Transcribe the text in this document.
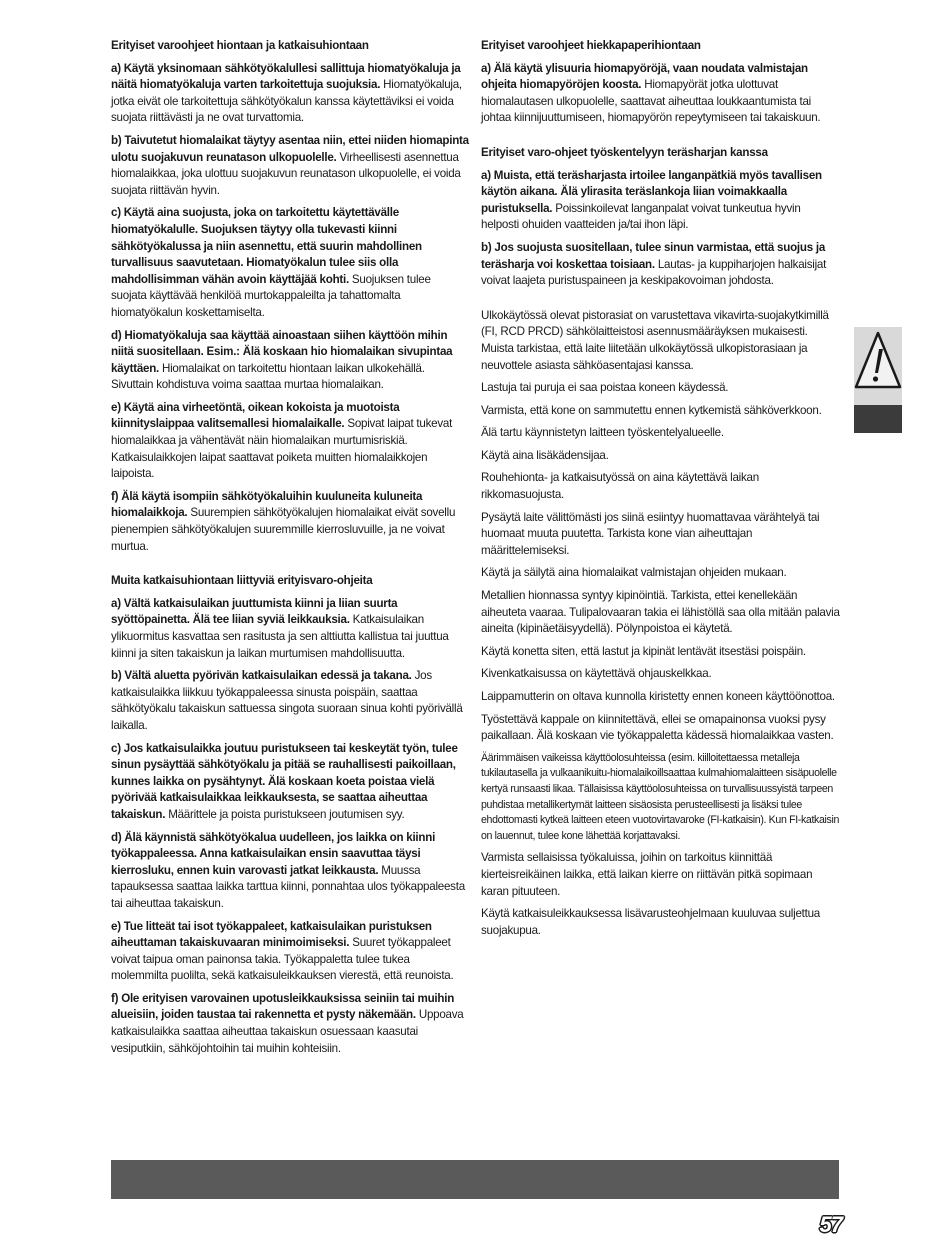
Erityiset varoohjeet hiontaan ja katkaisuhiontaan
a) Käytä yksinomaan sähkötyökalullesi sallittuja hiomatyökaluja ja näitä hiomatyökaluja varten tarkoitettuja suojuksia. Hiomatyökaluja, jotka eivät ole tarkoitettuja sähkötyökalun kanssa käytettäviksi ei voida suojata riittävästi ja ne ovat turvattomia.
b) Taivutetut hiomalaikat täytyy asentaa niin, ettei niiden hiomapinta ulotu suojakuvun reunatason ulkopuolelle. Virheellisesti asennettua hiomalaikkaa, joka ulottuu suojakuvun reunatason ulkopuolelle, ei voida suojata riittävän hyvin.
c) Käytä aina suojusta, joka on tarkoitettu käytettävälle hiomatyökalulle. Suojuksen täytyy olla tukevasti kiinni sähkötyökalussa ja niin asennettu, että suurin mahdollinen turvallisuus saavutetaan. Hiomatyökalun tulee siis olla mahdollisimman vähän avoin käyttäjää kohti. Suojuksen tulee suojata käyttävää henkilöä murtokappaleilta ja tahattomalta hiomatyökalun koskettamiselta.
d) Hiomatyökaluja saa käyttää ainoastaan siihen käyttöön mihin niitä suositellaan. Esim.: Älä koskaan hio hiomalaikan sivupintaa käyttäen. Hiomalaikat on tarkoitettu hiontaan laikan ulkokehällä. Sivuttain kohdistuva voima saattaa murtaa hiomalaikan.
e) Käytä aina virheetöntä, oikean kokoista ja muotoista kiinnityslaippaa valitsemallesi hiomalaikalle. Sopivat laipat tukevat hiomalaikkaa ja vähentävät näin hiomalaikan murtumisriskiä. Katkaisulaikkojen laipat saattavat poiketa muitten hiomalaikkojen laipoista.
f) Älä käytä isompiin sähkötyökaluihin kuuluneita kuluneita hiomalaikkoja. Suurempien sähkötyökalujen hiomalaikat eivät sovellu pienempien sähkötyökalujen suuremmille kierrosluvuille, ja ne voivat murtua.
Muita katkaisuhiontaan liittyviä erityisvaro-ohjeita
a) Vältä katkaisulaikan juuttumista kiinni ja liian suurta syöttöpainetta. Älä tee liian syviä leikkauksia. Katkaisulaikan ylikuormitus kasvattaa sen rasitusta ja sen alttiutta kallistua tai juuttua kiinni ja siten takaiskun ja laikan murtumisen mahdollisuutta.
b) Vältä aluetta pyörivän katkaisulaikan edessä ja takana. Jos katkaisulaikka liikkuu työkappaleessa sinusta poispäin, saattaa sähkötyökalu takaiskun sattuessa singota suoraan sinua kohti pyörivällä laikalla.
c) Jos katkaisulaikka joutuu puristukseen tai keskeytät työn, tulee sinun pysäyttää sähkötyökalu ja pitää se rauhallisesti paikoillaan, kunnes laikka on pysähtynyt. Älä koskaan koeta poistaa vielä pyörivää katkaisulaikkaa leikkauksesta, se saattaa aiheuttaa takaiskun. Määrittele ja poista puristukseen joutumisen syy.
d) Älä käynnistä sähkötyökalua uudelleen, jos laikka on kiinni työkappaleessa. Anna katkaisulaikan ensin saavuttaa täysi kierrosluku, ennen kuin varovasti jatkat leikkausta. Muussa tapauksessa saattaa laikka tarttua kiinni, ponnahtaa ulos työkappaleesta tai aiheuttaa takaiskun.
e) Tue litteät tai isot työkappaleet, katkaisulaikan puristuksen aiheuttaman takaiskuvaaran minimoimiseksi. Suuret työkappaleet voivat taipua oman painonsa takia. Työkappaletta tulee tukea molemmilta puolilta, sekä katkaisuleikkauksen vierestä, että reunoista.
f) Ole erityisen varovainen upotusleikkauksissa seiniin tai muihin alueisiin, joiden taustaa tai rakennetta et pysty näkemään. Uppoava katkaisulaikka saattaa aiheuttaa takaiskun osuessaan kaasutai vesiputkiin, sähköjohtoihin tai muihin kohteisiin.
Erityiset varoohjeet hiekkapaperihiontaan
a) Älä käytä ylisuuria hiomapyöröjä, vaan noudata valmistajan ohjeita hiomapyöröjen koosta. Hiomapyörät jotka ulottuvat hiomalautasen ulkopuolelle, saattavat aiheuttaa loukkaantumista tai johtaa kiinnijuuttumiseen, hiomapyörön repeytymiseen tai takaiskuun.
Erityiset varo-ohjeet työskentelyyn teräsharjan kanssa
a) Muista, että teräsharjasta irtoilee langanpätkiä myös tavallisen käytön aikana. Älä ylirasita teräslankoja liian voimakkaalla puristuksella. Poissinkoilevat langanpalat voivat tunkeutua hyvin helposti ohuiden vaatteiden ja/tai ihon läpi.
b) Jos suojusta suositellaan, tulee sinun varmistaa, että suojus ja teräsharja voi koskettaa toisiaan. Lautas- ja kuppiharjojen halkaisijat voivat laajeta puristuspaineen ja keskipakovoiman johdosta.
Ulkokäytössä olevat pistorasiat on varustettava vikavirta-suojakytkimillä (FI, RCD PRCD) sähkölaitteistosi asennusmääräyksen mukaisesti. Muista tarkistaa, että laite liitetään ulkokäytössä ulkopistorasiaan ja neuvottele asiasta sähköasentajasi kanssa.
Lastuja tai puruja ei saa poistaa koneen käydessä.
Varmista, että kone on sammutettu ennen kytkemistä sähköverkkoon.
Älä tartu käynnistetyn laitteen työskentelyalueelle.
Käytä aina lisäkädensijaa.
Rouhehionta- ja katkaisutyössä on aina käytettävä laikan rikkomasuojusta.
Pysäytä laite välittömästi jos siinä esiintyy huomattavaa värähtelyä tai huomaat muuta puutetta. Tarkista kone vian aiheuttajan määrittelemiseksi.
Käytä ja säilytä aina hiomalaikat valmistajan ohjeiden mukaan.
Metallien hionnassa syntyy kipinöintiä. Tarkista, ettei kenellekään aiheuteta vaaraa. Tulipalovaaran takia ei lähistöllä saa olla mitään palavia aineita (kipinäetäisyydellä). Pölynpoistoa ei käytetä.
Käytä konetta siten, että lastut ja kipinät lentävät itsestäsi poispäin.
Kivenkatkaisussa on käytettävä ohjauskelkkaa.
Laippamutterin on oltava kunnolla kiristetty ennen koneen käyttöönottoa.
Työstettävä kappale on kiinnitettävä, ellei se omapainonsa vuoksi pysy paikallaan. Älä koskaan vie työkappaletta kädessä hiomalaikkaa vasten.
Äärimmäisen vaikeissa käyttöolosuhteissa (esim. kiilloitettaessa metalleja tukilautasella ja vulkaanikuitu-hiomalaikoillsaattaa kulmahiomalaitteen sisäpuolelle kertyä runsaasti likaa. Tällaisissa käyttöolosuhteissa on turvallisuussyistä tarpeen puhdistaa metallikertymät laitteen sisäosista perusteellisesti ja lisäksi tulee ehdottomasti kytkeä laitteen eteen vuotovirtavaroke (FI-katkaisin). Kun FI-katkaisin on lauennut, tulee kone lähettää korjattavaksi.
Varmista sellaisissa työkaluissa, joihin on tarkoitus kiinnittää kierteisreikäinen laikka, että laikan kierre on riittävän pitkä sopimaan karan pituuteen.
Käytä katkaisuleikkauksessa lisävarusteohjelmaan kuuluvaa suljettua suojakupua.
57
